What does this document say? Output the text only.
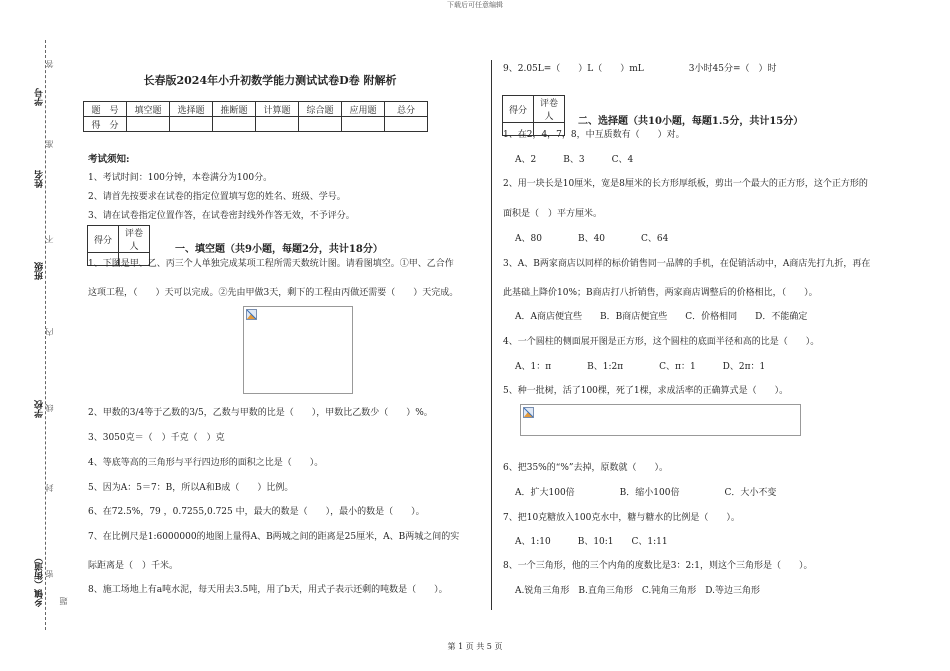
下载后可任意编辑
学号
姓名
班级
学校
乡镇（街道）
答
准
不
内
线
封
密
题
长春版2024年小升初数学能力测试试卷D卷 附解析
题　号	填空题	选择题	推断题	计算题	综合题	应用题	总分
得　分							
考试须知:
1、考试时间：100分钟，本卷满分为100分。
2、请首先按要求在试卷的指定位置填写您的姓名、班级、学号。
3、请在试卷指定位置作答，在试卷密封线外作答无效，不予评分。
得分	评卷人
		一、填空题（共9小题，每题2分，共计18分）
1、下图是甲、乙、丙三个人单独完成某项工程所需天数统计图。请看图填空。①甲、乙合作
这项工程，（　　）天可以完成。②先由甲做3天，剩下的工程由丙做还需要（　　）天完成。
2、甲数的3/4等于乙数的3/5，乙数与甲数的比是（　　），甲数比乙数少（　　）%。
3、3050克＝（　）千克（　）克
4、等底等高的三角形与平行四边形的面积之比是（　　）。
5、因为A：5＝7：B，所以A和B成（　　）比例。
6、在72.5%，79 ，0.7255,0.725 中，最大的数是（　　），最小的数是（　　）。
7、在比例尺是1:6000000的地图上量得A、B两城之间的距离是25厘米，A、B两城之间的实
际距离是（　）千米。
8、施工场地上有a吨水泥，每天用去3.5吨，用了b天，用式子表示还剩的吨数是（　　）。
9、2.05L=（　　）L（　　）mL　　　　　3小时45分=（　）时
得分	评卷人
	二、选择题（共10小题，每题1.5分，共计15分）
1、在2，4，7，8，中互质数有（　　）对。
A、2　　　B、3　　　C、4
2、用一块长是10厘米，宽是8厘米的长方形厚纸板，剪出一个最大的正方形，这个正方形的
面积是（　）平方厘米。
A、80　　　　B、40　　　　C、64
3、A、B两家商店以同样的标价销售同一品牌的手机，在促销活动中，A商店先打九折，再在
此基础上降价10%；B商店打八折销售，两家商店调整后的价格相比，（　　）。
A．A商店便宜些　　B．B商店便宜些　　C．价格相同　　D．不能确定
4、一个圆柱的侧面展开图是正方形，这个圆柱的底面半径和高的比是（　　）。
A、1：π　　　　B、1:2π　　　　C、π：1　　　D、2π：1
5、种一批树，活了100棵，死了1棵，求成活率的正确算式是（　　）。
6、把35%的“%”去掉，原数就（　　）。
A．扩大100倍　　　　　B．缩小100倍　　　　　C．大小不变
7、把10克糖放入100克水中，糖与糖水的比例是（　　）。
A、1:10　　　B、10:1　　C、1:11
8、一个三角形，他的三个内角的度数比是3：2:1，则这个三角形是（　　）。
A.锐角三角形　B.直角三角形　C.钝角三角形　D.等边三角形
第 1 页 共 5 页
